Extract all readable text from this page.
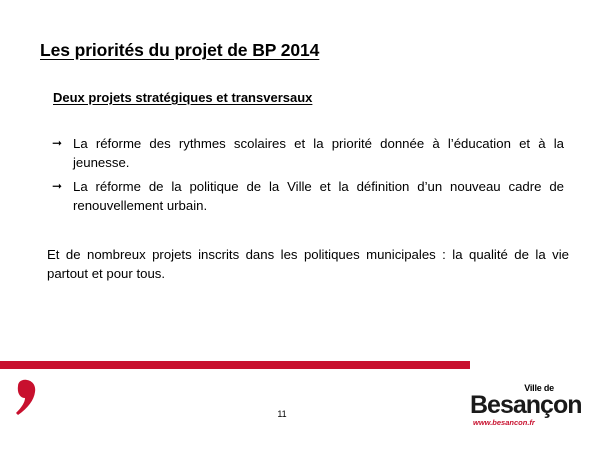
Les priorités du projet de BP 2014
Deux projets stratégiques et transversaux
➞ La réforme des rythmes scolaires et la priorité donnée à l’éducation et à la jeunesse.
➞ La réforme de la politique de la Ville et la définition d’un nouveau cadre de renouvellement urbain.

Et de nombreux projets inscrits dans les politiques municipales : la qualité de la vie partout et pour tous.

11
Ville de
Besançon
www.besancon.fr
